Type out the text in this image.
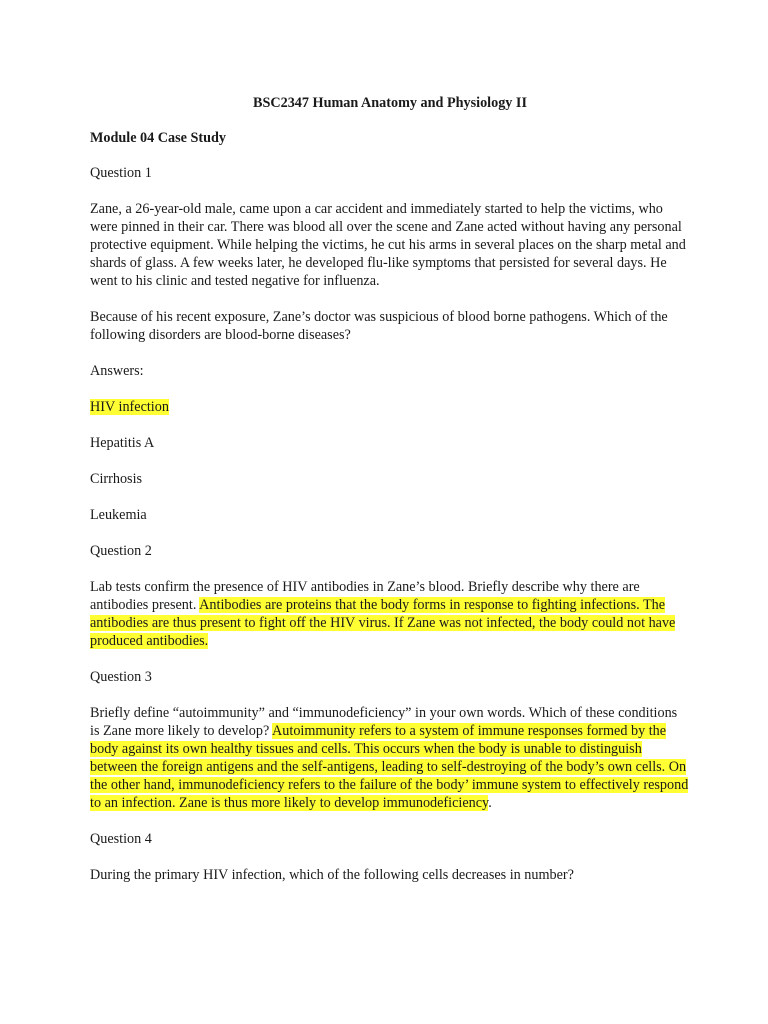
BSC2347 Human Anatomy and Physiology II

Module 04 Case Study

Question 1

Zane, a 26-year-old male, came upon a car accident and immediately started to help the victims, who were pinned in their car. There was blood all over the scene and Zane acted without having any personal protective equipment. While helping the victims, he cut his arms in several places on the sharp metal and shards of glass. A few weeks later, he developed flu-like symptoms that persisted for several days. He went to his clinic and tested negative for influenza.

Because of his recent exposure, Zane’s doctor was suspicious of blood borne pathogens. Which of the following disorders are blood-borne diseases?

Answers:

HIV infection

Hepatitis A

Cirrhosis

Leukemia

Question 2

Lab tests confirm the presence of HIV antibodies in Zane’s blood. Briefly describe why there are antibodies present. Antibodies are proteins that the body forms in response to fighting infections. The antibodies are thus present to fight off the HIV virus. If Zane was not infected, the body could not have produced antibodies.

Question 3

Briefly define “autoimmunity” and “immunodeficiency” in your own words. Which of these conditions is Zane more likely to develop? Autoimmunity refers to a system of immune responses formed by the body against its own healthy tissues and cells. This occurs when the body is unable to distinguish between the foreign antigens and the self-antigens, leading to self-destroying of the body’s own cells. On the other hand, immunodeficiency refers to the failure of the body’ immune system to effectively respond to an infection. Zane is thus more likely to develop immunodeficiency.

Question 4

During the primary HIV infection, which of the following cells decreases in number?
